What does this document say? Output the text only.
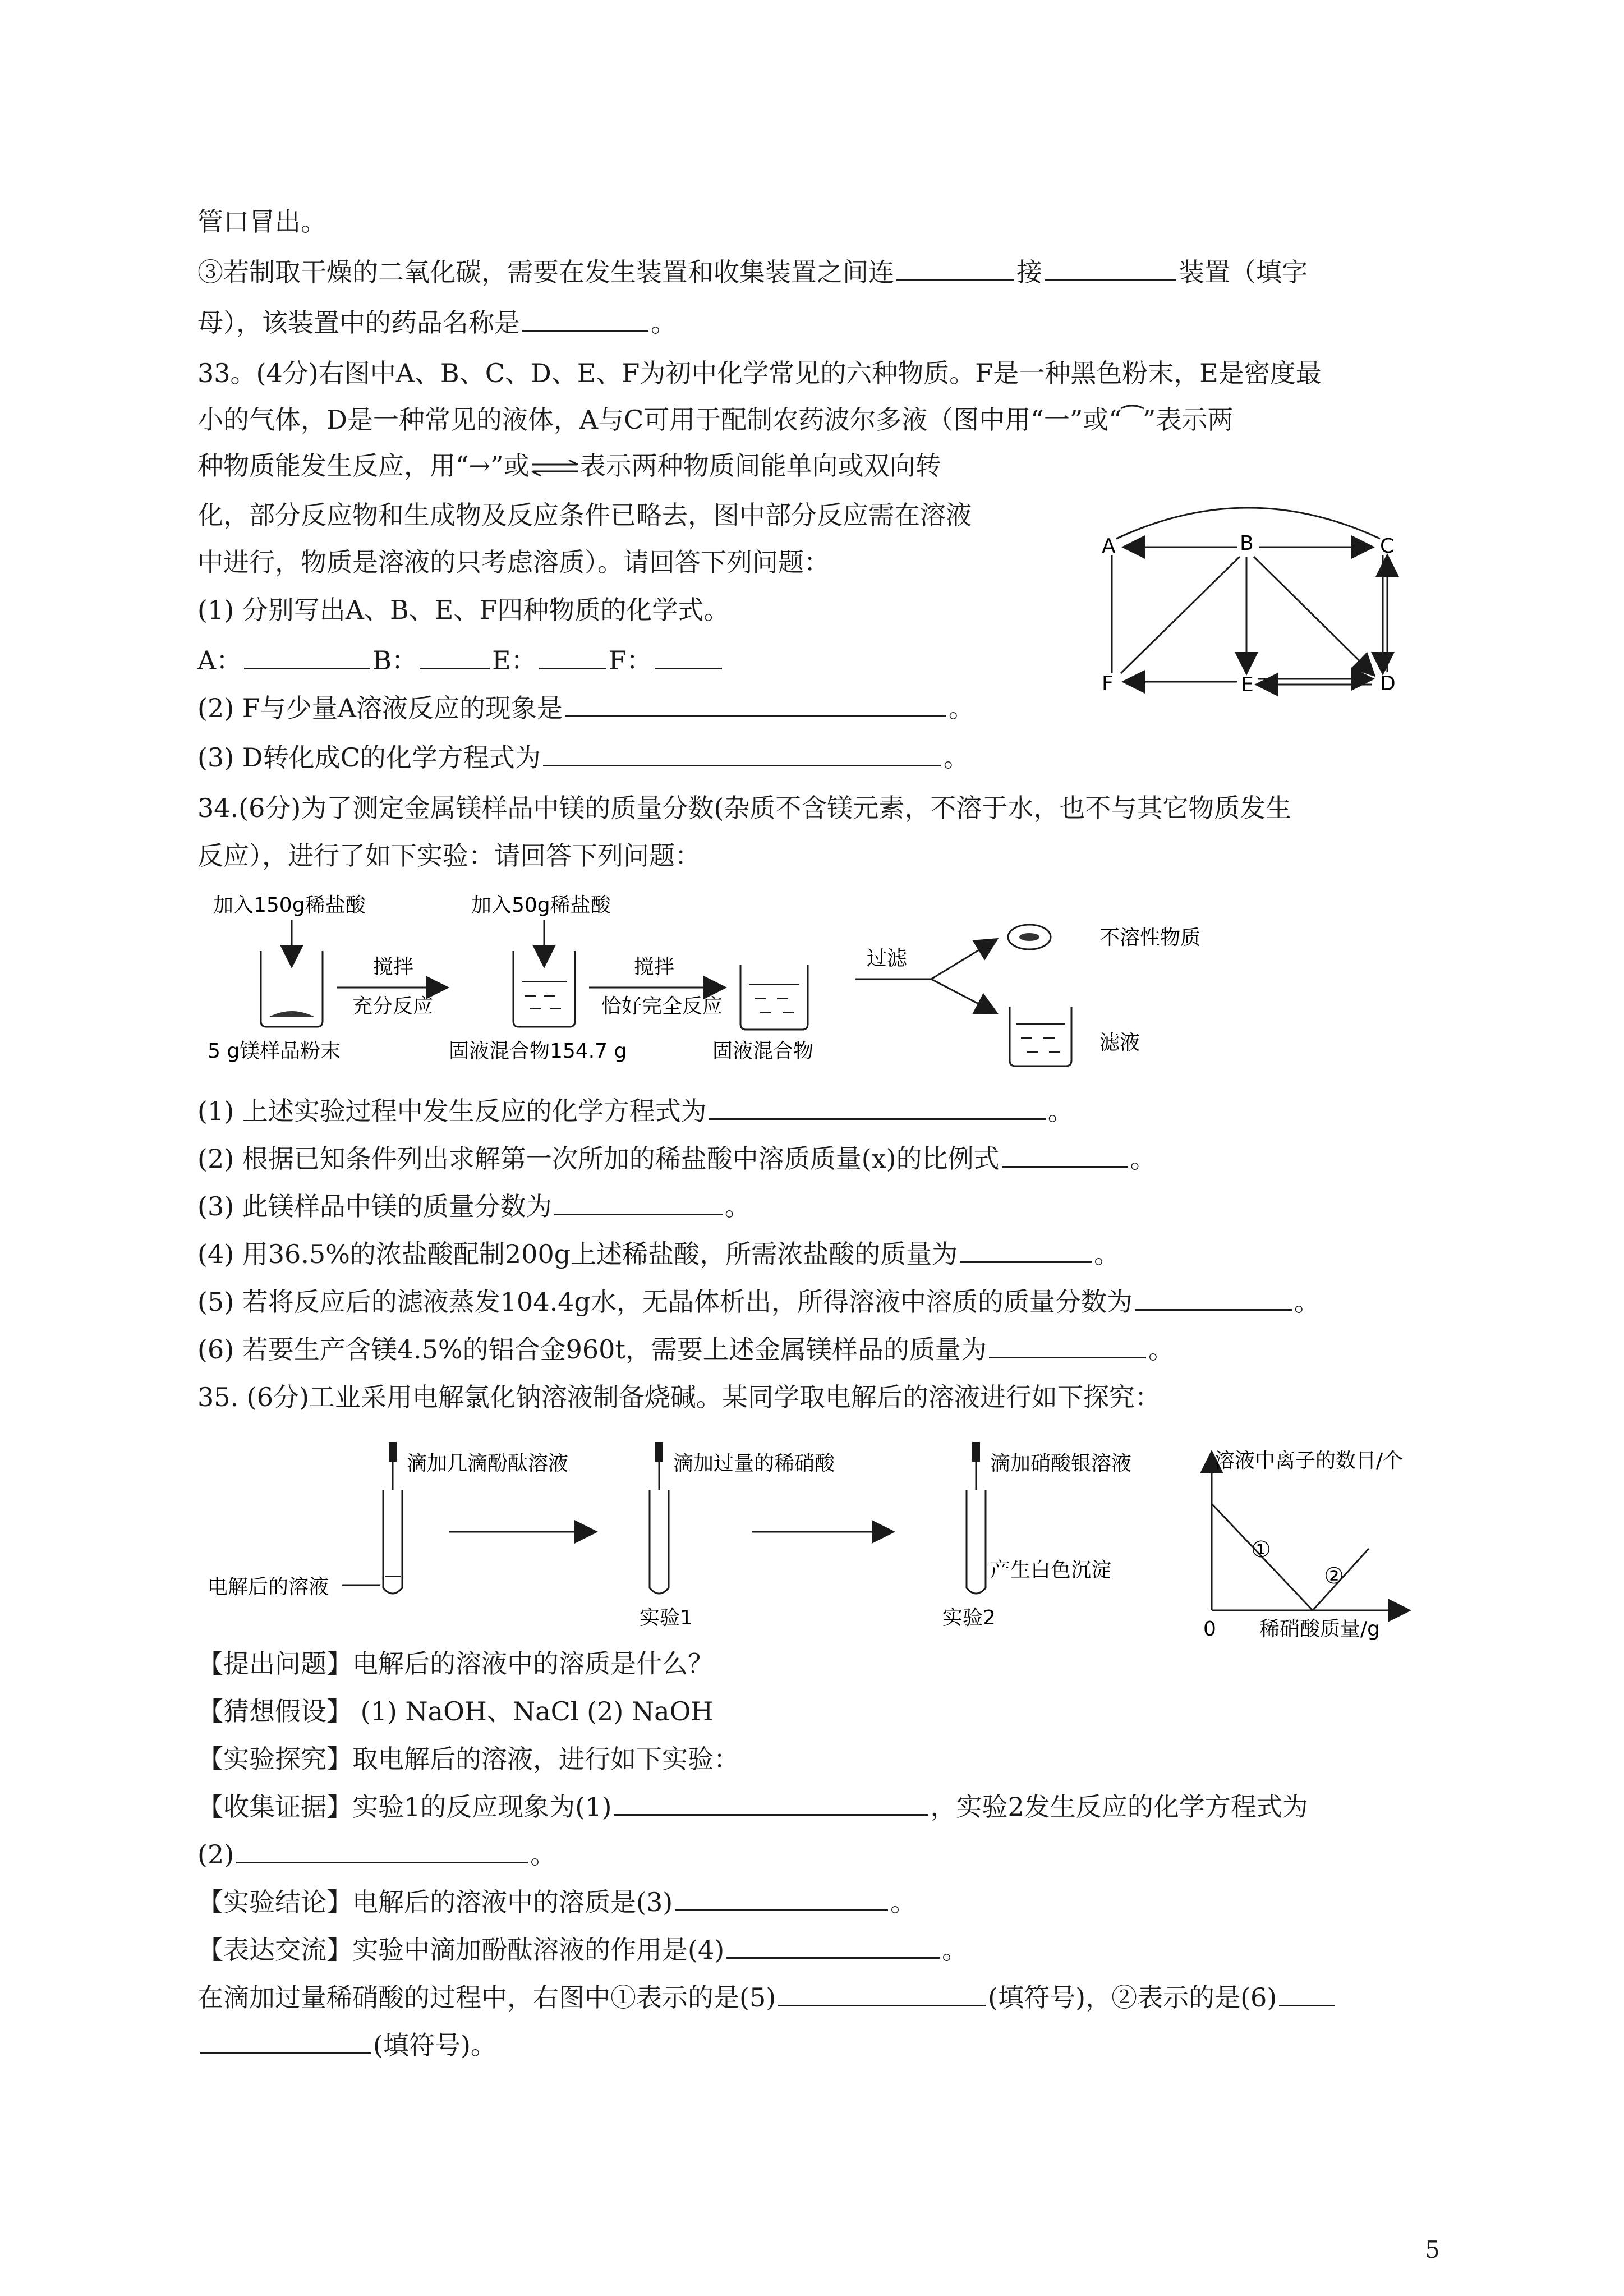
管口冒出。
③若制取干燥的二氧化碳，需要在发生装置和收集装置之间连	接	装置（填字
母），该装置中的药品名称是	。
33。(4分)右图中A、B、C、D、E、F为初中化学常见的六种物质。F是一种黑色粉末，E是密度最
小的气体，D是一种常见的液体，A与C可用于配制农药波尔多液（图中用“一”或“⁀”表示两
种物质能发生反应，用“→”或 表示两种物质间能单向或双向转
化，部分反应物和生成物及反应条件已略去，图中部分反应需在溶液
中进行，物质是溶液的只考虑溶质）。请回答下列问题：
(1) 分别写出A、B、E、F四种物质的化学式。
A：	B：	E：	F：
(2) F与少量A溶液反应的现象是	。
(3) D转化成C的化学方程式为	。
A	B	C
F	E	D
34.(6分)为了测定金属镁样品中镁的质量分数(杂质不含镁元素，不溶于水，也不与其它物质发生
反应），进行了如下实验：请回答下列问题：
加入150g稀盐酸	加入50g稀盐酸
搅拌
充分反应
搅拌
恰好完全反应
过滤
不溶性物质
滤液
5 g镁样品粉末	固液混合物154.7 g	固液混合物
(1) 上述实验过程中发生反应的化学方程式为	。
(2) 根据已知条件列出求解第一次所加的稀盐酸中溶质质量(x)的比例式	。
(3) 此镁样品中镁的质量分数为	。
(4) 用36.5%的浓盐酸配制200g上述稀盐酸，所需浓盐酸的质量为	。
(5) 若将反应后的滤液蒸发104.4g水，无晶体析出，所得溶液中溶质的质量分数为	。
(6) 若要生产含镁4.5%的铝合金960t，需要上述金属镁样品的质量为	。
35. (6分)工业采用电解氯化钠溶液制备烧碱。某同学取电解后的溶液进行如下探究：
滴加几滴酚酞溶液
电解后的溶液
滴加过量的稀硝酸
实验1
滴加硝酸银溶液
产生白色沉淀
实验2
溶液中离子的数目/个
①
②
0 稀硝酸质量/g
【提出问题】电解后的溶液中的溶质是什么？
【猜想假设】 (1) NaOH、NaCl (2) NaOH
【实验探究】取电解后的溶液，进行如下实验：
【收集证据】实验1的反应现象为(1)	，实验2发生反应的化学方程式为
(2)	。
【实验结论】电解后的溶液中的溶质是(3)	。
【表达交流】实验中滴加酚酞溶液的作用是(4)	。
在滴加过量稀硝酸的过程中，右图中①表示的是(5)	(填符号)，②表示的是(6)
(填符号)。
5
